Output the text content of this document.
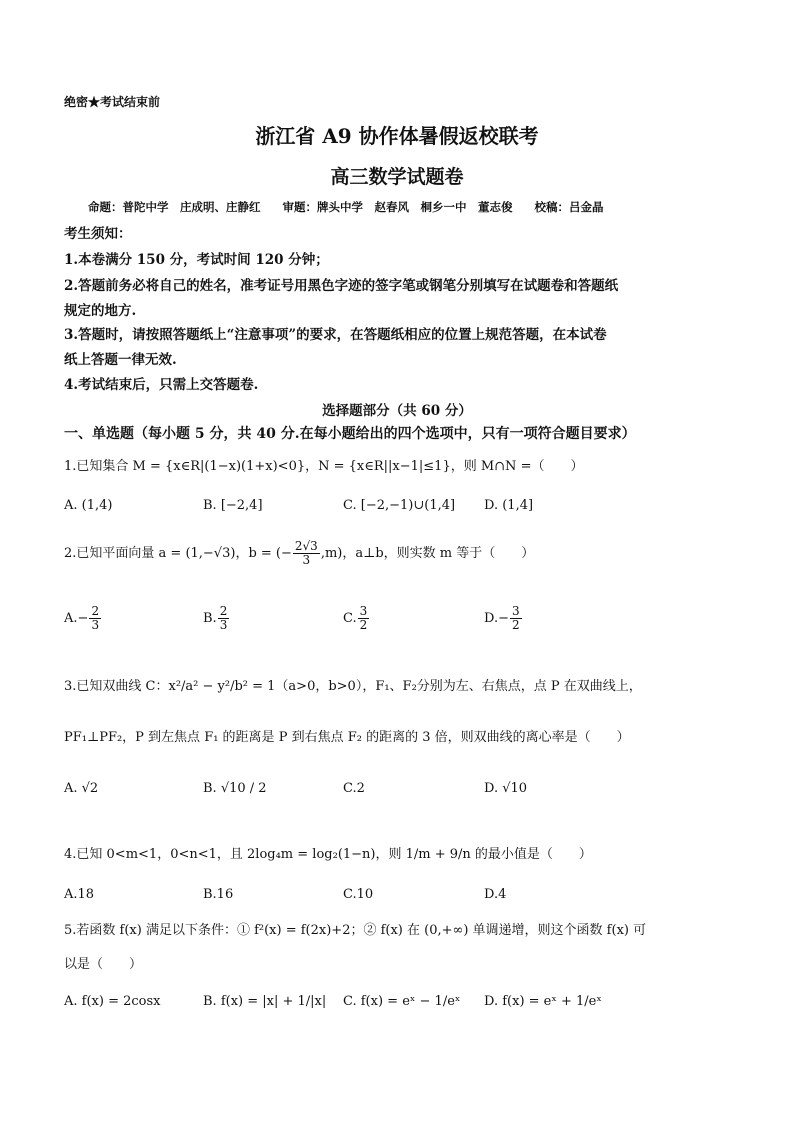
绝密★考试结束前
浙江省 A9 协作体暑假返校联考
高三数学试题卷
命题：普陀中学　庄成明、庄静红 审题：牌头中学　赵春风　桐乡一中　董志俊 校稿：吕金晶
考生须知：
1.本卷满分 150 分，考试时间 120 分钟；
2.答题前务必将自己的姓名，准考证号用黑色字迹的签字笔或钢笔分别填写在试题卷和答题纸
规定的地方.
3.答题时，请按照答题纸上“注意事项”的要求，在答题纸相应的位置上规范答题，在本试卷
纸上答题一律无效.
4.考试结束后，只需上交答题卷.
选择题部分（共 60 分）
一、单选题（每小题 5 分，共 40 分.在每小题给出的四个选项中，只有一项符合题目要求）
1.已知集合 M = {x∈R|(1−x)(1+x)<0}，N = {x∈R||x−1|≤1}，则 M∩N =（　　）
A. (1,4)	B. [−2,4]	C. [−2,−1)∪(1,4] D. (1,4]
2.已知平面向量 a = (1,−√3)，b = (− $\frac{2√3}{3} ,m$)，a⊥b，则实数 m 等于（　　）
$A.- \frac{2}{3}$	B. $\frac{2}{3}$	C. $\frac{3}{2}$	$D.- \frac{3}{2}$
3.已知双曲线 C：x²/a² − y²/b² = 1（a>0，b>0），F₁、F₂分别为左、右焦点，点 P 在双曲线上，
PF₁⊥PF₂，P 到左焦点 F₁ 的距离是 P 到右焦点 F₂ 的距离的 3 倍，则双曲线的离心率是（　　）
A. √2	B. √10 / 2	C.2	D. √10
4.已知 0<m<1，0<n<1，且 2log₄m = log₂(1−n)，则 1/m + 9/n 的最小值是（　　）
A.18	B.16	C.10	D.4
5.若函数 f(x) 满足以下条件：① f²(x) = f(2x)+2；② f(x) 在 (0,+∞) 单调递增，则这个函数 f(x) 可
以是（　　）
A. f(x) = 2cosx	B. f(x) = |x| + 1/|x| C. f(x) = eˣ − 1/eˣ D. f(x) = eˣ + 1/eˣ
